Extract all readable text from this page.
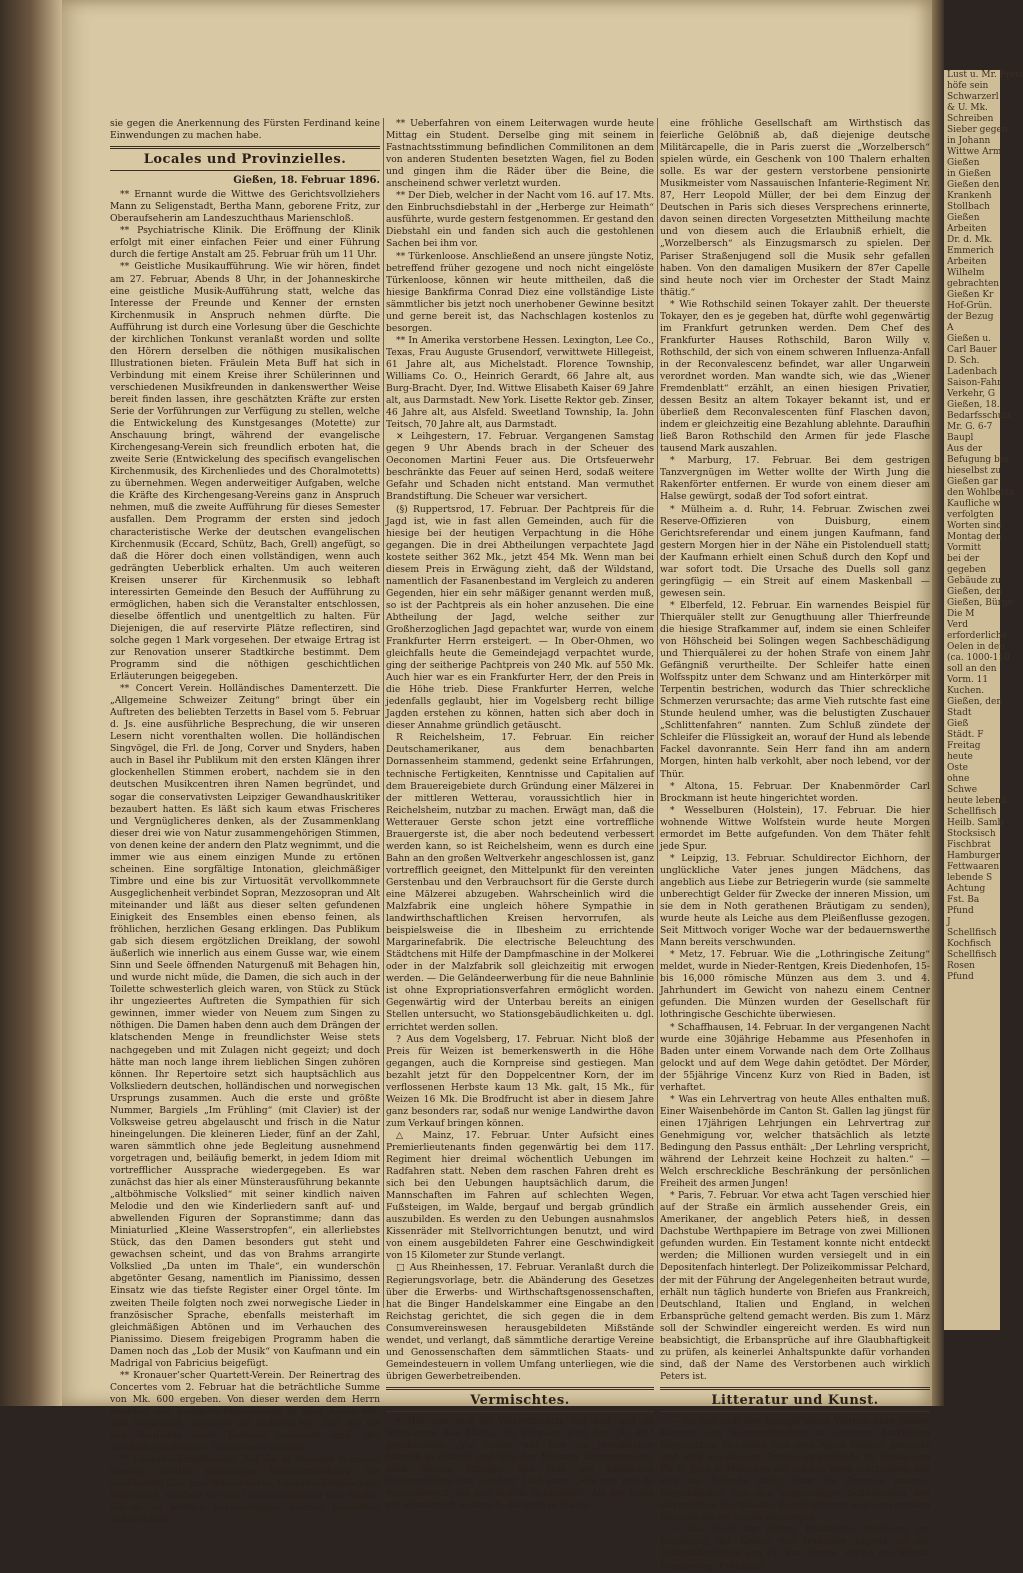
Lust u. Mr. Preis
höfe sein
Schwarzerl
& U. Mk.
Schreiben
Sieber gegen
in Johann
Wittwe Arm
Gießen
in Gießen
Gießen den
Krankenh
Stollbach
Gießen
Arbeiten
Dr. d. Mk.
Emmerich
Arbeiten
Wilhelm
gebrachten
Gießen Kr
Hof-Grün.
der Bezug
A
Gießen u.
Carl Bauer
D. Sch.
Ladenbach
Saison-Fahr
Verkehr, G
Gießen, 18.
Bedarfsschulz
Mr. G. 6-7
Baupl
Aus der
Befugung bei
hieselbst zu
Gießen gar
den Wohlbesta
Kaufliche w
verfolgten
Worten sind
Montag den
Vormitt
bei der
gegeben
Gebäude zu
Gießen, den
Gießen, Bürge
Die M
Verd
erforderliche
Oelen in den
(ca. 1000-110
soll an den
Vorm. 11
Kuchen.
Gießen, den
Stadt
Gieß
Städt. F
Freitag
heute
Oste
ohne
Schwe
heute lebend
Schellfisch
Heilb. Samb
Stocksisch
Fischbrat
Hamburger
Fettwaaren
lebende S
Achtung
Fst. Ba
Pfund
J
Schellfisch
Kochfisch
Schellfisch
Rosen
Pfund

sie gegen die Anerkennung des Fürsten Ferdinand keine Einwendungen zu machen habe.

Locales und Provinzielles.
Gießen, 18. Februar 1896.

** Ernannt wurde die Wittwe des Gerichtsvollziehers Mann zu Seligenstadt, Bertha Mann, geborene Fritz, zur Oberaufseherin am Landeszuchthaus Marienschloß.

** Psychiatrische Klinik. Die Eröffnung der Klinik erfolgt mit einer einfachen Feier und einer Führung durch die fertige Anstalt am 25. Februar früh um 11 Uhr.

** Geistliche Musikaufführung. Wie wir hören, findet am 27. Februar, Abends 8 Uhr, in der Johanneskirche eine geistliche Musik-Aufführung statt, welche das Interesse der Freunde und Kenner der ernsten Kirchenmusik in Anspruch nehmen dürfte. Die Aufführung ist durch eine Vorlesung über die Geschichte der kirchlichen Tonkunst veranlaßt worden und sollte den Hörern derselben die nöthigen musikalischen Illustrationen bieten. Fräulein Meta Buff hat sich in Verbindung mit einem Kreise ihrer Schülerinnen und verschiedenen Musikfreunden in dankenswerther Weise bereit finden lassen, ihre geschätzten Kräfte zur ersten Serie der Vorführungen zur Verfügung zu stellen, welche die Entwickelung des Kunstgesanges (Motette) zur Anschauung bringt, während der evangelische Kirchengesang-Verein sich freundlich erboten hat, die zweite Serie (Entwickelung des specifisch evangelischen Kirchenmusik, des Kirchenliedes und des Choralmotetts) zu übernehmen. Wegen anderweitiger Aufgaben, welche die Kräfte des Kirchengesang-Vereins ganz in Anspruch nehmen, muß die zweite Aufführung für dieses Semester ausfallen. Dem Programm der ersten sind jedoch characteristische Werke der deutschen evangelischen Kirchenmusik (Eccard, Schütz, Bach, Grell) angefügt, so daß die Hörer doch einen vollständigen, wenn auch gedrängten Ueberblick erhalten. Um auch weiteren Kreisen unserer für Kirchenmusik so lebhaft interessirten Gemeinde den Besuch der Aufführung zu ermöglichen, haben sich die Veranstalter entschlossen, dieselbe öffentlich und unentgeltlich zu halten. Für Diejenigen, die auf reservirte Plätze reflectiren, sind solche gegen 1 Mark vorgesehen. Der etwaige Ertrag ist zur Renovation unserer Stadtkirche bestimmt. Dem Programm sind die nöthigen geschichtlichen Erläuterungen beigegeben.

** Concert Verein. Holländisches Damenterzett. Die „Allgemeine Schweizer Zeitung“ bringt über ein Auftreten des beliebten Terzetts in Basel vom 5. Februar d. Js. eine ausführliche Besprechung, die wir unseren Lesern nicht vorenthalten wollen. Die holländischen Singvögel, die Frl. de Jong, Corver und Snyders, haben auch in Basel ihr Publikum mit den ersten Klängen ihrer glockenhellen Stimmen erobert, nachdem sie in den deutschen Musikcentren ihren Namen begründet, und sogar die conservativsten Leipziger Gewandhauskritiker bezaubert hatten. Es läßt sich kaum etwas Frischeres und Vergnüglicheres denken, als der Zusammenklang dieser drei wie von Natur zusammengehörigen Stimmen, von denen keine der andern den Platz wegnimmt, und die immer wie aus einem einzigen Munde zu ertönen scheinen. Eine sorgfältige Intonation, gleichmäßiger Timbre und eine bis zur Virtuosität vervollkommnete Ausgeglichenheit verbindet Sopran, Mezzosopran und Alt miteinander und läßt aus dieser selten gefundenen Einigkeit des Ensembles einen ebenso feinen, als fröhlichen, herzlichen Gesang erklingen. Das Publikum gab sich diesem ergötzlichen Dreiklang, der sowohl äußerlich wie innerlich aus einem Gusse war, wie einem Sinn und Seele öffnenden Naturgenuß mit Behagen hin, und wurde nicht müde, die Damen, die sich auch in der Toilette schwesterlich gleich waren, von Stück zu Stück ihr ungezieertes Auftreten die Sympathien für sich gewinnen, immer wieder von Neuem zum Singen zu nöthigen. Die Damen haben denn auch dem Drängen der klatschenden Menge in freundlichster Weise stets nachgegeben und mit Zulagen nicht gegeizt; und doch hätte man noch lange ihrem lieblichen Singen zuhören können. Ihr Repertoire setzt sich hauptsächlich aus Volksliedern deutschen, holländischen und norwegischen Ursprungs zusammen. Auch die erste und größte Nummer, Bargiels „Im Frühling“ (mit Clavier) ist der Volksweise getreu abgelauscht und frisch in die Natur hineingelungen. Die kleineren Lieder, fünf an der Zahl, waren sämmtlich ohne jede Begleitung ausnehmend vorgetragen und, beiläufig bemerkt, in jedem Idiom mit vortrefflicher Aussprache wiedergegeben. Es war zunächst das hier als einer Münsterausführung bekannte „altböhmische Volkslied“ mit seiner kindlich naiven Melodie und den wie Kinderliedern sanft auf- und abwellenden Figuren der Sopranstimme; dann das Miniaturlied „Kleine Wasserstropfen“, ein allerliebstes Stück, das den Damen besonders gut steht und gewachsen scheint, und das von Brahms arrangirte Volkslied „Da unten im Thale“, ein wunderschön abgetönter Gesang, namentlich im Pianissimo, dessen Einsatz wie das tiefste Register einer Orgel tönte. Im zweiten Theile folgten noch zwei norwegische Lieder in französischer Sprache, ebenfalls meisterhaft im gleichmäßigen Abtönen und im Verhauchen des Pianissimo. Diesem freigebigen Programm haben die Damen noch das „Lob der Musik“ von Kaufmann und ein Madrigal von Fabricius beigefügt.

** Kronauer’scher Quartett-Verein. Der Reinertrag des Concertes vom 2. Februar hat die beträchtliche Summe von Mk. 600 ergeben. Von dieser werden dem Herrn Rechner des Kriegerdenkmalsfonds in aller Kürze Mk. 300 ausgezahlt, während die anderen Mk. 300, die für den Baufonds einer Tonhalle bestimmt sind, der zuständigen Behörde überwiesen werden.

** Gaspreis-Ermäßigung. Auf die in heutiger Nummer unseres Blattes enthaltene Bekanntmachung des städtischen Gas- und Wasserwerks, Gaspreis-Ermäßigung betreffend, machen wir die Gasconsumenten und solche, die es zu werden beabsichtigen, hiermit besonders aufmerksam.

** Ueberfahren von einem Leiterwagen wurde heute Mittag ein Student. Derselbe ging mit seinem in Fastnachtsstimmung befindlichen Commilitonen an dem von anderen Studenten besetzten Wagen, fiel zu Boden und gingen ihm die Räder über die Beine, die anscheinend schwer verletzt wurden.

** Der Dieb, welcher in der Nacht vom 16. auf 17. Mts. den Einbruchsdiebstahl in der „Herberge zur Heimath“ ausführte, wurde gestern festgenommen. Er gestand den Diebstahl ein und fanden sich auch die gestohlenen Sachen bei ihm vor.

** Türkenloose. Anschließend an unsere jüngste Notiz, betreffend früher gezogene und noch nicht eingelöste Türkenloose, können wir heute mittheilen, daß die hiesige Bankfirma Conrad Diez eine vollständige Liste sämmtlicher bis jetzt noch unerhobener Gewinne besitzt und gerne bereit ist, das Nachschlagen kostenlos zu besorgen.

** In Amerika verstorbene Hessen. Lexington, Lee Co., Texas, Frau Auguste Grusendorf, verwittwete Hillegeist, 61 Jahre alt, aus Michelstadt. Florence Township, Williams Co. O., Heinrich Gerardt, 66 Jahre alt, aus Burg-Bracht. Dyer, Ind. Wittwe Elisabeth Kaiser 69 Jahre alt, aus Darmstadt. New York. Lisette Rektor geb. Zinser, 46 Jahre alt, aus Alsfeld. Sweetland Township, Ia. John Teitsch, 70 Jahre alt, aus Darmstadt.

✕ Leihgestern, 17. Februar. Vergangenen Samstag gegen 9 Uhr Abends brach in der Scheuer des Oeconomen Martini Feuer aus. Die Ortsfeuerwehr beschränkte das Feuer auf seinen Herd, sodaß weitere Gefahr und Schaden nicht entstand. Man vermuthet Brandstiftung. Die Scheuer war versichert.

(§) Ruppertsrod, 17. Februar. Der Pachtpreis für die Jagd ist, wie in fast allen Gemeinden, auch für die hiesige bei der heutigen Verpachtung in die Höhe gegangen. Die in drei Abtheilungen verpachtete Jagd kostete seither 362 Mk., jetzt 454 Mk. Wenn man bei diesem Preis in Erwägung zieht, daß der Wildstand, namentlich der Fasanenbestand im Vergleich zu anderen Gegenden, hier ein sehr mäßiger genannt werden muß, so ist der Pachtpreis als ein hoher anzusehen. Die eine Abtheilung der Jagd, welche seither zur Großherzoglichen Jagd gepachtet war, wurde von einem Frankfurter Herrn ersteigert. — In Ober-Ohmen, wo gleichfalls heute die Gemeindejagd verpachtet wurde, ging der seitherige Pachtpreis von 240 Mk. auf 550 Mk. Auch hier war es ein Frankfurter Herr, der den Preis in die Höhe trieb. Diese Frankfurter Herren, welche jedenfalls geglaubt, hier im Vogelsberg recht billige Jagden erstehen zu können, hatten sich aber doch in dieser Annahme gründlich getäuscht.

R Reichelsheim, 17. Februar. Ein reicher Deutschamerikaner, aus dem benachbarten Dornassenheim stammend, gedenkt seine Erfahrungen, technische Fertigkeiten, Kenntnisse und Capitalien auf dem Brauereigebiete durch Gründung einer Mälzerei in der mittleren Wetterau, voraussichtlich hier in Reichelsheim, nutzbar zu machen. Erwägt man, daß die Wetterauer Gerste schon jetzt eine vortreffliche Brauergerste ist, die aber noch bedeutend verbessert werden kann, so ist Reichelsheim, wenn es durch eine Bahn an den großen Weltverkehr angeschlossen ist, ganz vortrefflich geeignet, den Mittelpunkt für den vereinten Gerstenbau und den Verbrauchsort für die Gerste durch eine Mälzerei abzugeben. Wahrscheinlich wird die Malzfabrik eine ungleich höhere Sympathie in landwirthschaftlichen Kreisen hervorrufen, als beispielsweise die in Ilbesheim zu errichtende Margarinefabrik. Die electrische Beleuchtung des Städtchens mit Hilfe der Dampfmaschine in der Molkerei oder in der Malzfabrik soll gleichzeitig mit erwogen werden. — Die Geländeerwerbung für die neue Bahnlinie ist ohne Expropriationsverfahren ermöglicht worden. Gegenwärtig wird der Unterbau bereits an einigen Stellen untersucht, wo Stationsgebäudlichkeiten u. dgl. errichtet werden sollen.

? Aus dem Vogelsberg, 17. Februar. Nicht bloß der Preis für Weizen ist bemerkenswerth in die Höhe gegangen, auch die Kornpreise sind gestiegen. Man bezahlt jetzt für den Doppelcentner Korn, der im verflossenen Herbste kaum 13 Mk. galt, 15 Mk., für Weizen 16 Mk. Die Brodfrucht ist aber in diesem Jahre ganz besonders rar, sodaß nur wenige Landwirthe davon zum Verkauf bringen können.

△ Mainz, 17. Februar. Unter Aufsicht eines Premierlieutenants finden gegenwärtig bei dem 117. Regiment hier dreimal wöchentlich Uebungen im Radfahren statt. Neben dem raschen Fahren dreht es sich bei den Uebungen hauptsächlich darum, die Mannschaften im Fahren auf schlechten Wegen, Fußsteigen, im Walde, bergauf und bergab gründlich auszubilden. Es werden zu den Uebungen ausnahmslos Kissenräder mit Stellvorrichtungen benutzt, und wird von einem ausgebildeten Fahrer eine Geschwindigkeit von 15 Kilometer zur Stunde verlangt.

□ Aus Rheinhessen, 17. Februar. Veranlaßt durch die Regierungsvorlage, betr. die Abänderung des Gesetzes über die Erwerbs- und Wirthschaftsgenossenschaften, hat die Binger Handelskammer eine Eingabe an den Reichstag gerichtet, die sich gegen die in dem Consumvereinswesen herausgebildeten Mißstände wendet, und verlangt, daß sämmtliche derartige Vereine und Genossenschaften dem sämmtlichen Staats- und Gemeindesteuern in vollem Umfang unterliegen, wie die übrigen Gewerbetreibenden.

Vermischtes.

* Hol mer mol de Worzelbersch, hol mer mol de Schwamm! Aus Mainz, 16. Februar, wird der „Kl. Pr.“ geschrieben: „Vor Zeiten war hier ein preußischer Marsch in Fleisch und Blut der Mainzer übergegangen, nach dessen Klängen das Volk bei fröhlichen Gelegenheiten das „schöne“ Lied sang: „Hol mer mol de Worzelbersch, hol mer mol de Schwamm!“ Als der Krieg mit Frankreich ausbrach, da legte in Mainz

eine fröhliche Gesellschaft am Wirthstisch das feierliche Gelöbniß ab, daß diejenige deutsche Militärcapelle, die in Paris zuerst die „Worzelbersch“ spielen würde, ein Geschenk von 100 Thalern erhalten solle. Es war der gestern verstorbene pensionirte Musikmeister vom Nassauischen Infanterie-Regiment Nr. 87, Herr Leopold Müller, der bei dem Einzug der Deutschen in Paris sich dieses Versprechens erinnerte, davon seinen directen Vorgesetzten Mittheilung machte und von diesem auch die Erlaubniß erhielt, die „Worzelbersch“ als Einzugsmarsch zu spielen. Der Pariser Straßenjugend soll die Musik sehr gefallen haben. Von den damaligen Musikern der 87er Capelle sind heute noch vier im Orchester der Stadt Mainz thätig.“

* Wie Rothschild seinen Tokayer zahlt. Der theuerste Tokayer, den es je gegeben hat, dürfte wohl gegenwärtig im Frankfurt getrunken werden. Dem Chef des Frankfurter Hauses Rothschild, Baron Willy v. Rothschild, der sich von einem schweren Influenza-Anfall in der Reconvalescenz befindet, war aller Ungarwein verordnet worden. Man wandte sich, wie das „Wiener Fremdenblatt“ erzählt, an einen hiesigen Privatier, dessen Besitz an altem Tokayer bekannt ist, und er überließ dem Reconvalescenten fünf Flaschen davon, indem er gleichzeitig eine Bezahlung ablehnte. Daraufhin ließ Baron Rothschild den Armen für jede Flasche tausend Mark auszahlen.

* Marburg, 17. Februar. Bei dem gestrigen Tanzvergnügen im Wetter wollte der Wirth Jung die Rakenförter entfernen. Er wurde von einem dieser am Halse gewürgt, sodaß der Tod sofort eintrat.

* Mülheim a. d. Ruhr, 14. Februar. Zwischen zwei Reserve-Offizieren von Duisburg, einem Gerichtsreferendar und einem jungen Kaufmann, fand gestern Morgen hier in der Nähe ein Pistolenduell statt; der Kaufmann erhielt einen Schuß durch den Kopf und war sofort todt. Die Ursache des Duells soll ganz geringfügig — ein Streit auf einem Maskenball — gewesen sein.

* Elberfeld, 12. Februar. Ein warnendes Beispiel für Thierquäler stellt zur Genugthuung aller Thierfreunde die hiesige Strafkammer auf, indem sie einen Schleifer von Höhscheid bei Solingen wegen Sachbeschädigung und Thierquälerei zu der hohen Strafe von einem Jahr Gefängniß verurtheilte. Der Schleifer hatte einen Wolfsspitz unter dem Schwanz und am Hinterkörper mit Terpentin bestrichen, wodurch das Thier schreckliche Schmerzen verursachte; das arme Vieh rutschte fast eine Stunde heulend umher, was die belustigten Zuschauer „Schlittenfahren“ nannten. Zum Schluß zündete der Schleifer die Flüssigkeit an, worauf der Hund als lebende Fackel davonrannte. Sein Herr fand ihn am andern Morgen, hinten halb verkohlt, aber noch lebend, vor der Thür.

* Altona, 15. Februar. Der Knabenmörder Carl Brockmann ist heute hingerichtet worden.

* Wesselburen (Holstein), 17. Februar. Die hier wohnende Wittwe Wolfstein wurde heute Morgen ermordet im Bette aufgefunden. Von dem Thäter fehlt jede Spur.

* Leipzig, 13. Februar. Schuldirector Eichhorn, der unglückliche Vater jenes jungen Mädchens, das angeblich aus Liebe zur Betriegerin wurde (sie sammelte unberechtigt Gelder für Zwecke der inneren Mission, um sie dem in Noth gerathenen Bräutigam zu senden), wurde heute als Leiche aus dem Pleißenflusse gezogen. Seit Mittwoch voriger Woche war der bedauernswerthe Mann bereits verschwunden.

* Metz, 17. Februar. Wie die „Lothringische Zeitung“ meldet, wurde in Nieder-Rentgen, Kreis Diedenhofen, 15- bis 16,000 römische Münzen aus dem 3. und 4. Jahrhundert im Gewicht von nahezu einem Centner gefunden. Die Münzen wurden der Gesellschaft für lothringische Geschichte überwiesen.

* Schaffhausen, 14. Februar. In der vergangenen Nacht wurde eine 30jährige Hebamme aus Pfesenhofen in Baden unter einem Vorwande nach dem Orte Zollhaus gelockt und auf dem Wege dahin getödtet. Der Mörder, der 55jährige Vincenz Kurz von Ried in Baden, ist verhaftet.

* Was ein Lehrvertrag von heute Alles enthalten muß. Einer Waisenbehörde im Canton St. Gallen lag jüngst für einen 17jährigen Lehrjungen ein Lehrvertrag zur Genehmigung vor, welcher thatsächlich als letzte Bedingung den Passus enthält: „Der Lehrling verspricht, während der Lehrzeit keine Hochzeit zu halten.“ — Welch erschreckliche Beschränkung der persönlichen Freiheit des armen Jungen!

* Paris, 7. Februar. Vor etwa acht Tagen verschied hier auf der Straße ein ärmlich aussehender Greis, ein Amerikaner, der angeblich Peters hieß, in dessen Dachstube Werthpapiere im Betrage von zwei Millionen gefunden wurden. Ein Testament konnte nicht entdeckt werden; die Millionen wurden versiegelt und in ein Depositenfach hinterlegt. Der Polizeikommissar Pelchard, der mit der Führung der Angelegenheiten betraut wurde, erhält nun täglich hunderte von Briefen aus Frankreich, Deutschland, Italien und England, in welchen Erbansprüche geltend gemacht werden. Bis zum 1. März soll der Schwindler eingereicht werden. Es wird nun beabsichtigt, die Erbansprüche auf ihre Glaubhaftigkeit zu prüfen, als keinerlei Anhaltspunkte dafür vorhanden sind, daß der Name des Verstorbenen auch wirklich Peters ist.

Litteratur und Kunst.

— Es hat sich der Mangel eines Werkes über Bäder, Kurorte und Sommerfrischen in unserem herrlichen Bayerischen Hochland und dem Alpen fühlbar gemacht und wird aus diesem Grunde im Frühjahr im Verlag von Ph. F. Jung in München ein solches Werk erscheinen, das sich die Aufgabe stellt, über die Grenzen unseres Bayernlandes von den eigenartigen Schönheiten des Bayerischen Hochlandes Kunde bringen und zum regsten Besuche dieser Lande anzuregen.

— Das Buch der Eltern. Praktische Anleitung zur Erziehung der Kinder von frühester Jugend an zur Selbstständigkeit von Dr. Karl Oppel. Verlag von Moritz Diesterweg, Frankfurt
